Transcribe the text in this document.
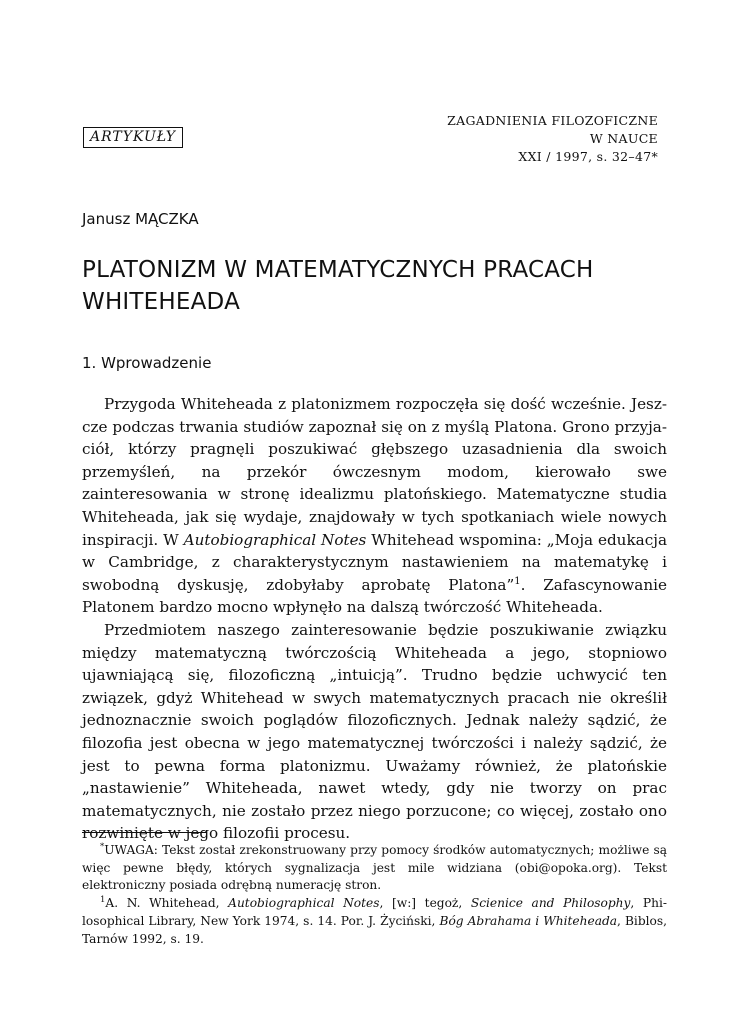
ZAGADNIENIA FILOZOFICZNE
W NAUCE
XXI / 1997, s. 32–47*
ARTYKUŁY
Janusz MĄCZKA
PLATONIZM W MATEMATYCZNYCH PRACACH
WHITEHEADA
1. Wprowadzenie

Przygoda Whiteheada z platonizmem rozpoczęła się dość wcześnie. Jeszcze podczas trwania studiów zapoznał się on z myślą Platona. Grono przyjaciół, którzy pragnęli poszukiwać głębszego uzasadnienia dla swoich przemyśleń, na przekór ówczesnym modom, kierowało swe zainteresowania w stronę idealizmu platońskiego. Matematyczne studia Whiteheada, jak się wydaje, znajdowały w tych spotkaniach wiele nowych inspiracji. W Autobiographical Notes Whitehead wspomina: „Moja edukacja w Cambridge, z charakterystycznym nastawieniem na matematykę i swobodną dyskusję, zdobyłaby aprobatę Platona”$^1$. Zafascynowanie Platonem bardzo mocno wpłynęło na dalszą twórczość Whiteheada.

Przedmiotem naszego zainteresowanie będzie poszukiwanie związku między matematyczną twórczością Whiteheada a jego, stopniowo ujawniającą się, filozoficzną „intuicją”. Trudno będzie uchwycić ten związek, gdyż Whitehead w swych matematycznych pracach nie określił jednoznacznie swoich poglądów filozoficznych. Jednak należy sądzić, że filozofia jest obecna w jego matematycznej twórczości i należy sądzić, że jest to pewna forma platonizmu. Uważamy również, że platońskie „nastawienie” Whiteheada, nawet wtedy, gdy nie tworzy on prac matematycznych, nie zostało przez niego porzucone; co więcej, zostało ono rozwinięte w jego filozofii procesu.

*UWAGA: Tekst został zrekonstruowany przy pomocy środków automatycznych; możliwe są więc pewne błędy, których sygnalizacja jest mile widziana (obi@opoka.org). Tekst elektroniczny posiada odrębną numerację stron.

$^1$A. N. Whitehead, Autobiographical Notes, [w:] tegoż, Scienice and Philosophy, Philosophical Library, New York 1974, s. 14. Por. J. Życiński, Bóg Abrahama i Whiteheada, Biblos, Tarnów 1992, s. 19.
